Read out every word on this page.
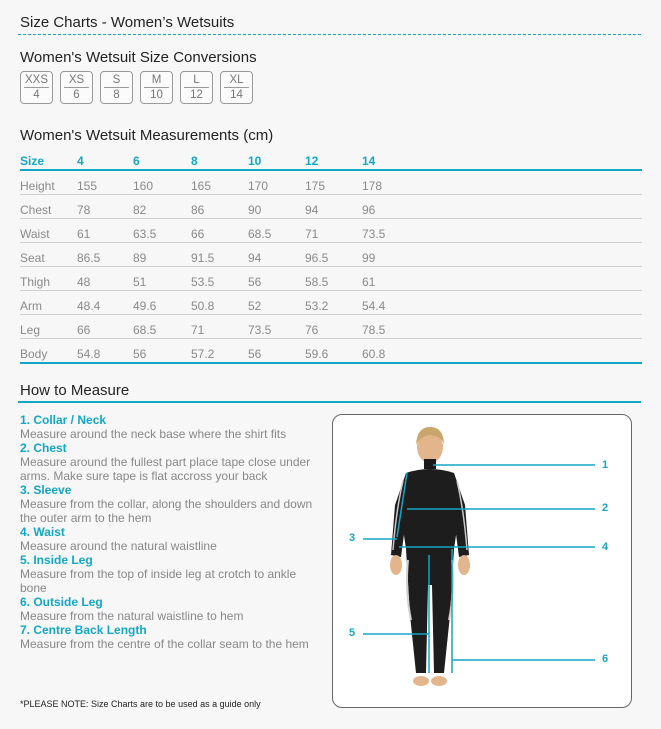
Size Charts - Women’s Wetsuits
Women's Wetsuit Size Conversions
XXS
4
XS
6
S
8
M
10
L
12
XL
14
Women's Wetsuit Measurements (cm)
Size	4	6	8	10	12	14
Height 155	160	165	170	175	178
Chest 78	82	86	90	94	96
Waist 61	63.5	66	68.5	71	73.5
Seat	86.5	89	91.5	94	96.5	99
Thigh 48	51	53.5	56	58.5	61
Arm	48.4	49.6	50.8	52	53.2	54.4
Leg	66	68.5	71	73.5	76	78.5
Body 54.8	56	57.2	56	59.6	60.8
How to Measure
1. Collar / Neck
Measure around the neck base where the shirt fits
2. Chest
Measure around the fullest part place tape close under arms. Make sure tape is flat accross your back
3. Sleeve
Measure from the collar, along the shoulders and down the outer arm to the hem
4. Waist
Measure around the natural waistline
5. Inside Leg
Measure from the top of inside leg at crotch to ankle bone
6. Outside Leg
Measure from the natural waistline to hem
7. Centre Back Length
Measure from the centre of the collar seam to the hem
*PLEASE NOTE: Size Charts are to be used as a guide only
1
2
3
4
5
6
